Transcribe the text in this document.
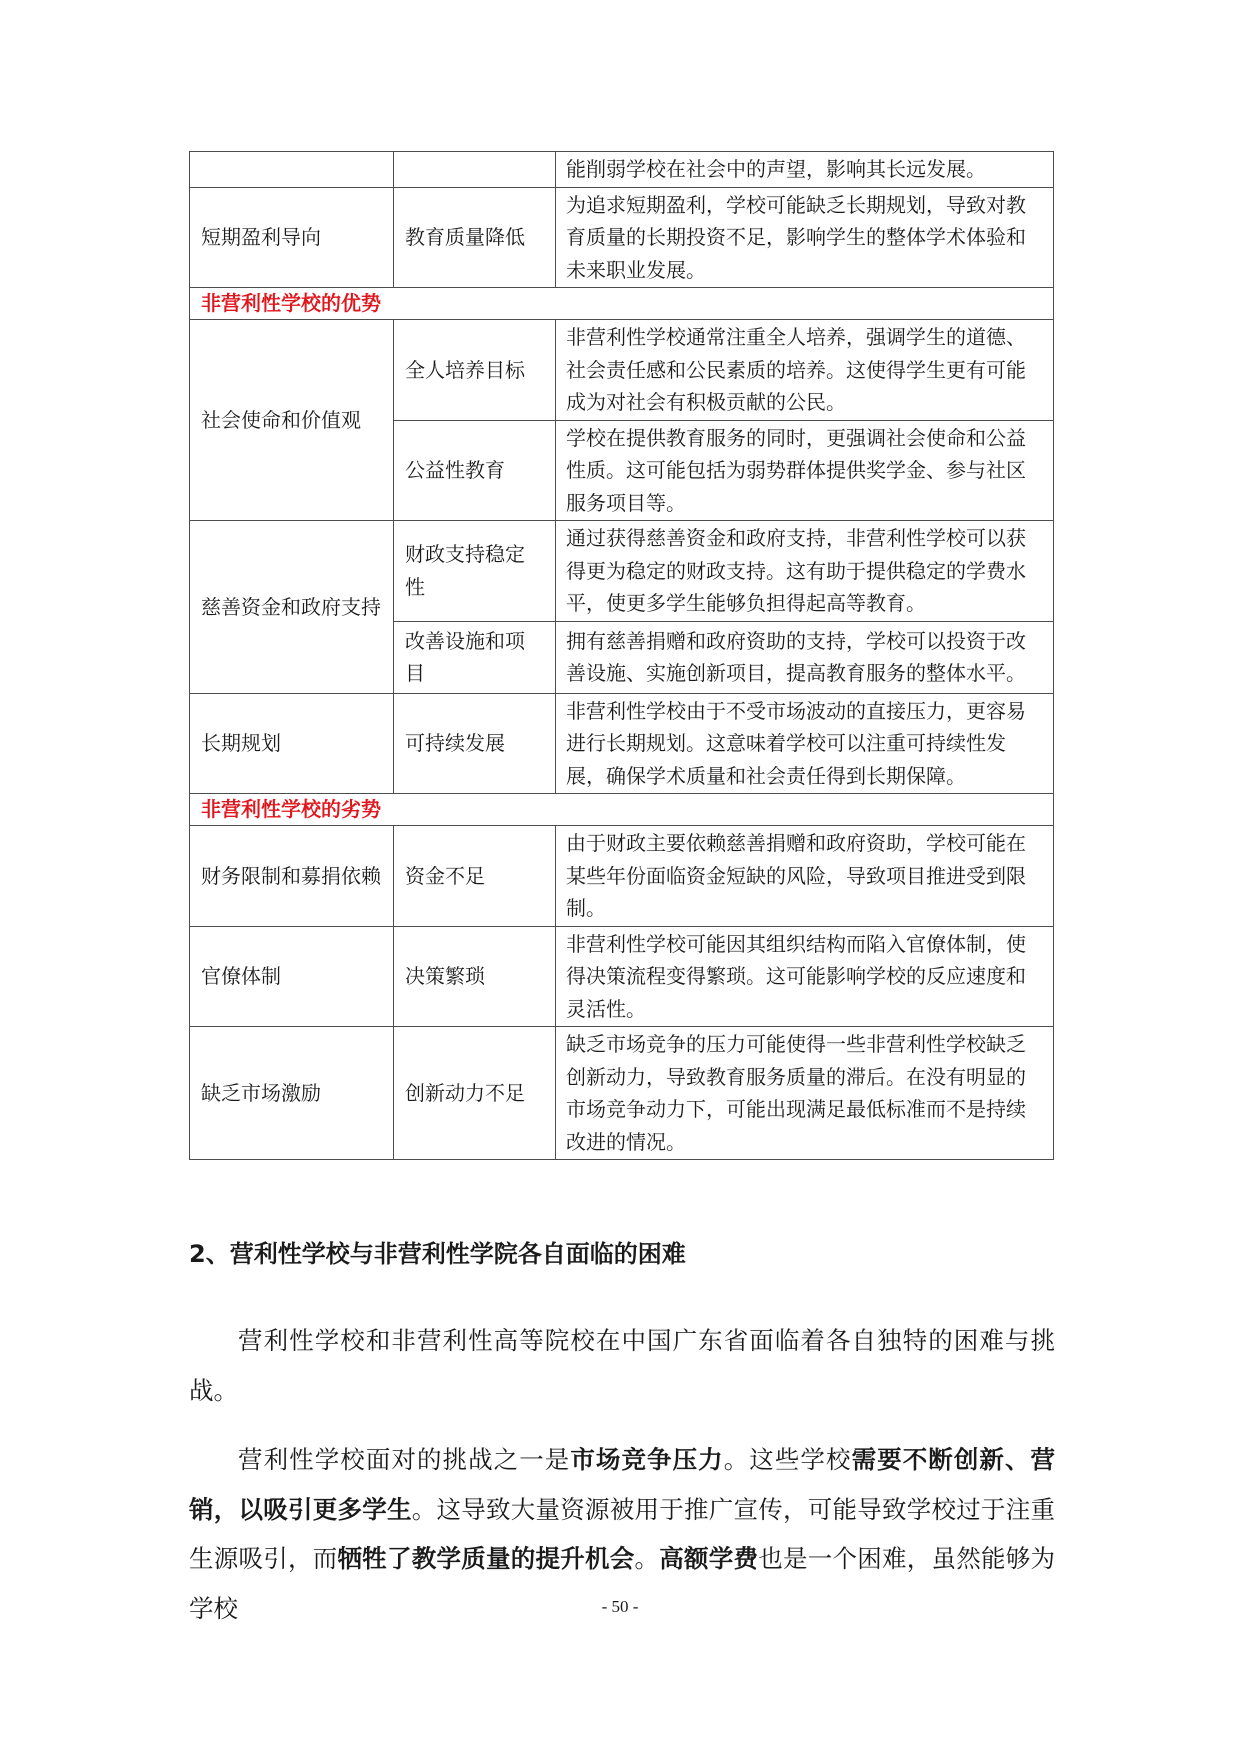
		能削弱学校在社会中的声望，影响其长远发展。
短期盈利导向	教育质量降低	为追求短期盈利，学校可能缺乏长期规划，导致对教育质量的长期投资不足，影响学生的整体学术体验和未来职业发展。
非营利性学校的优势		
社会使命和价值观	全人培养目标	非营利性学校通常注重全人培养，强调学生的道德、社会责任感和公民素质的培养。这使得学生更有可能成为对社会有积极贡献的公民。
	公益性教育	学校在提供教育服务的同时，更强调社会使命和公益性质。这可能包括为弱势群体提供奖学金、参与社区服务项目等。
慈善资金和政府支持	财政支持稳定性	通过获得慈善资金和政府支持，非营利性学校可以获得更为稳定的财政支持。这有助于提供稳定的学费水平，使更多学生能够负担得起高等教育。
	改善设施和项目	拥有慈善捐赠和政府资助的支持，学校可以投资于改善设施、实施创新项目，提高教育服务的整体水平。
长期规划	可持续发展	非营利性学校由于不受市场波动的直接压力，更容易进行长期规划。这意味着学校可以注重可持续性发展，确保学术质量和社会责任得到长期保障。
非营利性学校的劣势		
财务限制和募捐依赖	资金不足	由于财政主要依赖慈善捐赠和政府资助，学校可能在某些年份面临资金短缺的风险，导致项目推进受到限制。
官僚体制	决策繁琐	非营利性学校可能因其组织结构而陷入官僚体制，使得决策流程变得繁琐。这可能影响学校的反应速度和灵活性。
缺乏市场激励	创新动力不足	缺乏市场竞争的压力可能使得一些非营利性学校缺乏创新动力，导致教育服务质量的滞后。在没有明显的市场竞争动力下，可能出现满足最低标准而不是持续改进的情况。
2、营利性学校与非营利性学院各自面临的困难

营利性学校和非营利性高等院校在中国广东省面临着各自独特的困难与挑战。

营利性学校面对的挑战之一是市场竞争压力。这些学校需要不断创新、营销，以吸引更多学生。这导致大量资源被用于推广宣传，可能导致学校过于注重生源吸引，而牺牲了教学质量的提升机会。高额学费也是一个困难，虽然能够为学校	- 50 -
